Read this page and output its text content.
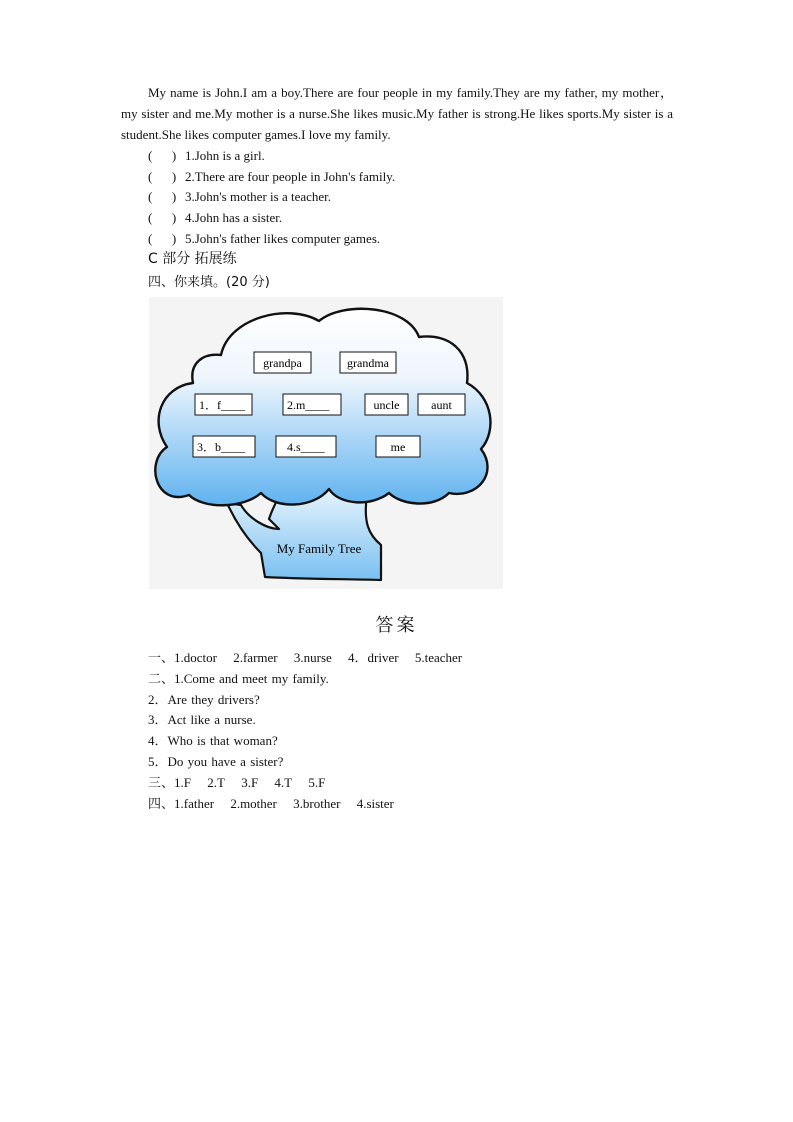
My name is John.I am a boy.There are four people in my family.They are my father, my mother， my sister and me.My mother is a nurse.She likes music.My father is strong.He likes sports.My sister is a student.She likes computer games.I love my family.
(      ) 1.John is a girl.
(      ) 2.There are four people in John's family.
(      ) 3.John's mother is a teacher.
(      ) 4.John has a sister.
(      ) 5.John's father likes computer games.
C 部分 拓展练
四、你来填。(20 分)
grandpa	grandma
1．f____	2.m____	uncle	aunt
3．b____	4.s____	me
My Family Tree
答案
一、1.doctor 2.farmer 3.nurse 4．driver 5.teacher
二、1.Come and meet my family.
2．Are they drivers?
3．Act like a nurse.
4．Who is that woman?
5．Do you have a sister?
三、1.F 2.T 3.F 4.T 5.F
四、1.father 2.mother 3.brother 4.sister
